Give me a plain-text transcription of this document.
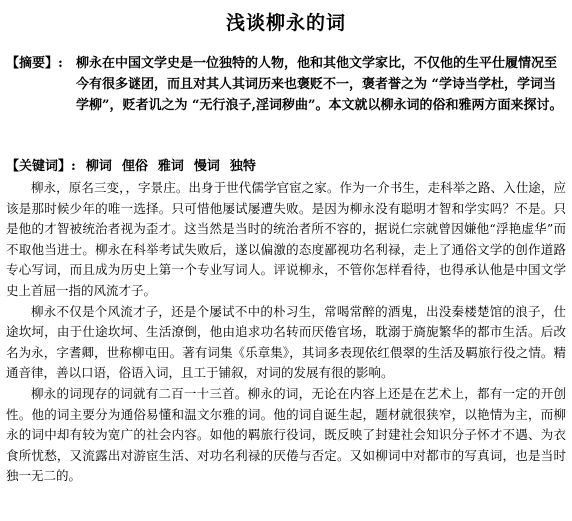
浅谈柳永的词
【摘要】: 柳永在中国文学史是一位独特的人物，他和其他文学家比，不仅他的生平仕履情况至今有很多谜团，而且对其人其词历来也褒贬不一，褒者誉之为 “学诗当学杜，学词当学柳”，贬者讥之为 “无行浪子,淫词秽曲”。本文就以柳永词的俗和雅两方面来探讨。
【关键词】: 柳词 俚俗 雅词 慢词 独特

柳永，原名三变，，字景庄。出身于世代儒学官宦之家。作为一介书生，走科举之路、入仕途，应该是那时候少年的唯一选择。只可惜他屡试屡遭失败。是因为柳永没有聪明才智和学实吗？不是。只是他的才智被统治者视为歪才。这当然是当时的统治者所不容的，据说仁宗就曾因嫌他“浮艳虚华”而不取他当进士。柳永在科举考试失败后，遂以偏激的态度鄙视功名利禄，走上了通俗文学的创作道路专心写词，而且成为历史上第一个专业写词人。评说柳永，不管你怎样看待，也得承认他是中国文学史上首屈一指的风流才子。

柳永不仅是个风流才子，还是个屡试不中的朴习生，常喝常醉的酒鬼，出没秦楼楚馆的浪子，仕途坎坷，由于仕途坎坷、生活潦倒，他由追求功名转而厌倦官场，耽溺于旖旎繁华的都市生活。后改名为永，字耆卿，世称柳屯田。著有词集《乐章集》，其词多表现依红偎翠的生活及羁旅行役之情。精通音律，善以口语，俗语入词，且工于铺叙，对词的发展有很的影响。

柳永的词现存的词就有二百一十三首。柳永的词，无论在内容上还是在艺术上，都有一定的开创性。他的词主要分为通俗易懂和温文尔雅的词。他的词自诞生起，题材就很狭窄，以艳情为主，而柳永的词中却有较为宽广的社会内容。如他的羁旅行役词，既反映了封建社会知识分子怀才不遇、为衣食所忧愁，又流露出对游宦生活、对功名利禄的厌倦与否定。又如柳词中对都市的写真词，也是当时独一无二的。
